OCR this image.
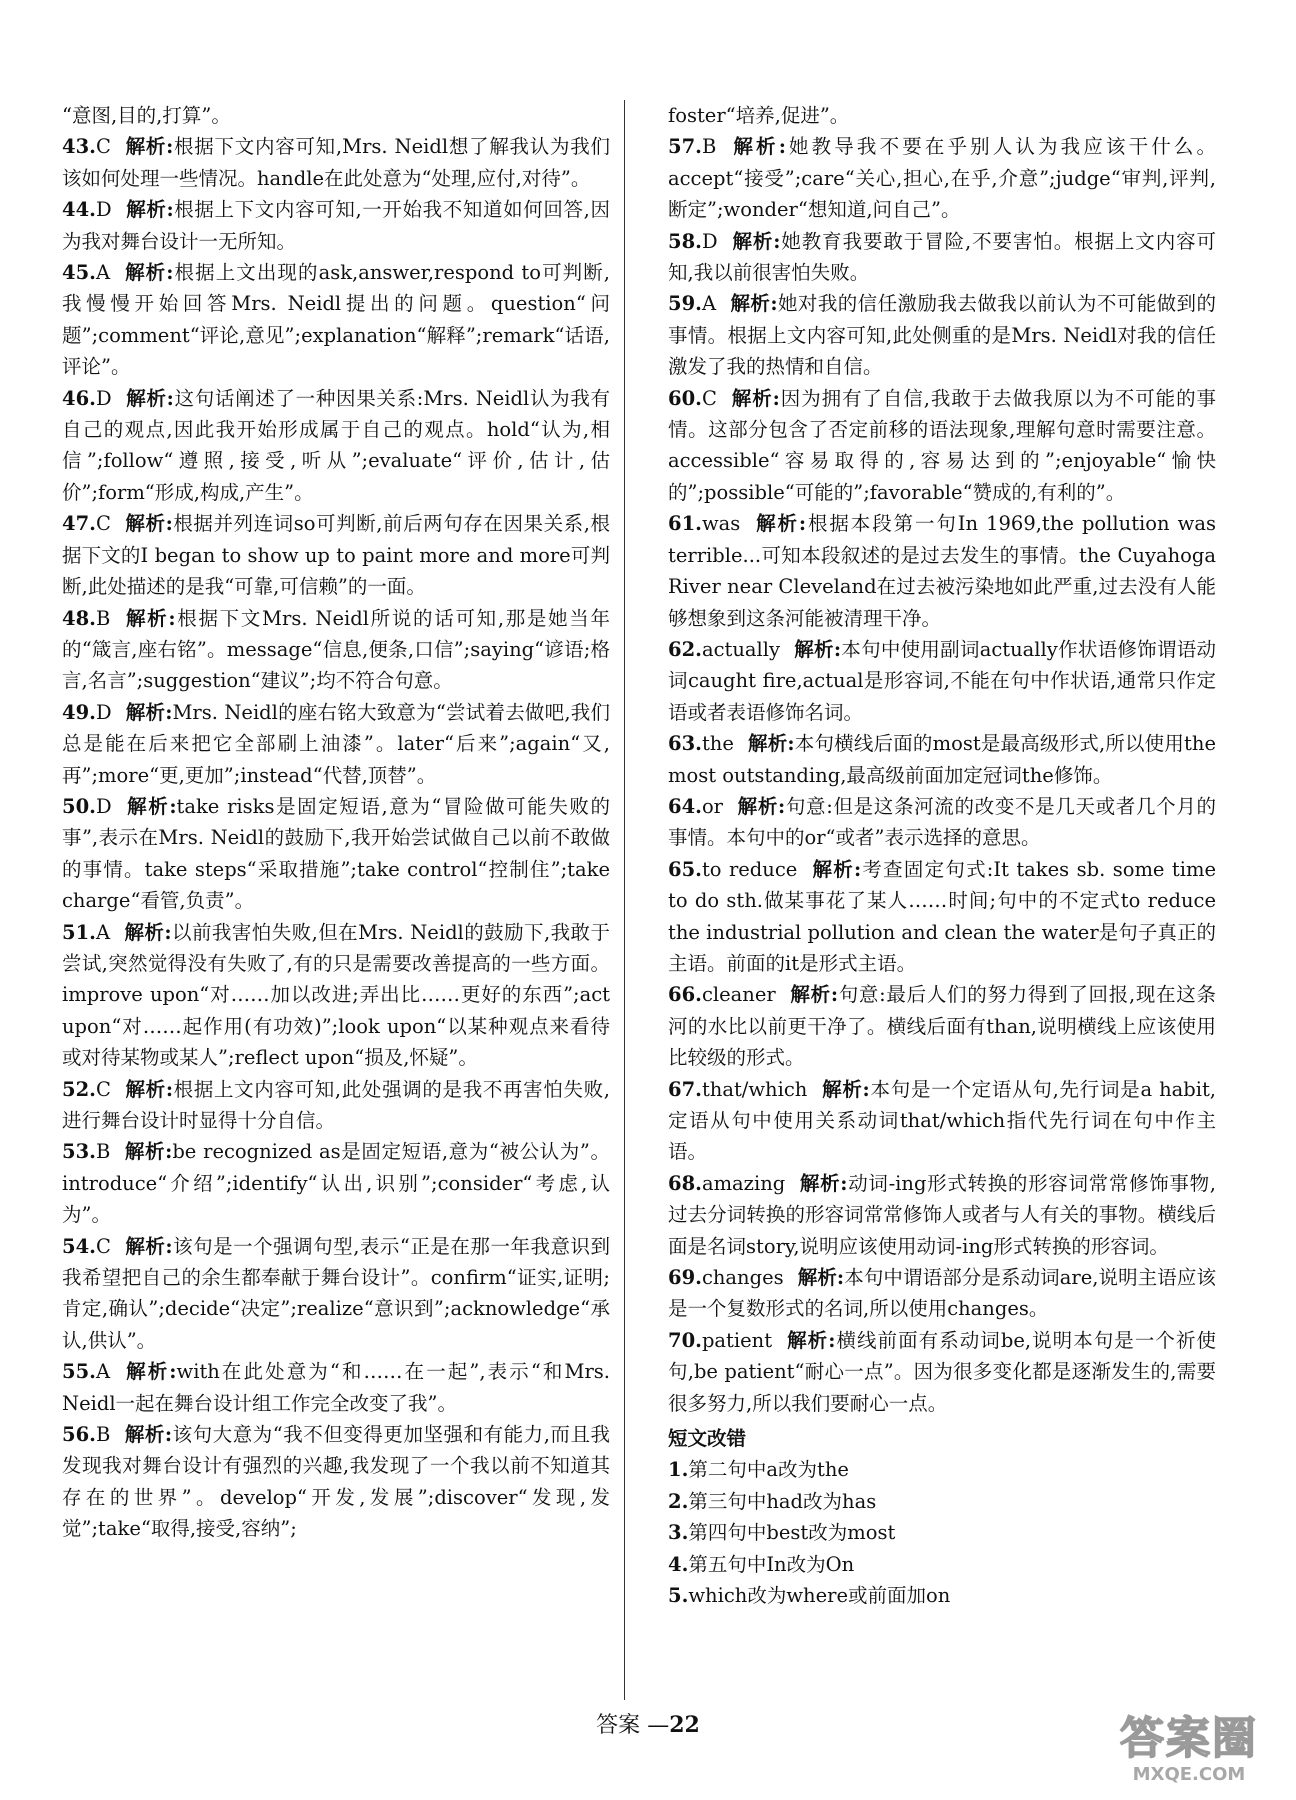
“意图,目的,打算”。

43.C 解析:根据下文内容可知,Mrs. Neidl想了解我认为我们该如何处理一些情况。handle在此处意为“处理,应付,对待”。

44.D 解析:根据上下文内容可知,一开始我不知道如何回答,因为我对舞台设计一无所知。

45.A 解析:根据上文出现的ask,answer,respond to可判断,我慢慢开始回答Mrs. Neidl提出的问题。question“问题”;comment“评论,意见”;explanation“解释”;remark“话语,评论”。

46.D 解析:这句话阐述了一种因果关系:Mrs. Neidl认为我有自己的观点,因此我开始形成属于自己的观点。hold“认为,相信”;follow“遵照,接受,听从”;evaluate“评价,估计,估价”;form“形成,构成,产生”。

47.C 解析:根据并列连词so可判断,前后两句存在因果关系,根据下文的I began to show up to paint more and more可判断,此处描述的是我“可靠,可信赖”的一面。

48.B 解析:根据下文Mrs. Neidl所说的话可知,那是她当年的“箴言,座右铭”。message“信息,便条,口信”;saying“谚语;格言,名言”;suggestion“建议”;均不符合句意。

49.D 解析:Mrs. Neidl的座右铭大致意为“尝试着去做吧,我们总是能在后来把它全部刷上油漆”。later“后来”;again“又,再”;more“更,更加”;instead“代替,顶替”。

50.D 解析:take risks是固定短语,意为“冒险做可能失败的事”,表示在Mrs. Neidl的鼓励下,我开始尝试做自己以前不敢做的事情。take steps“采取措施”;take control“控制住”;take charge“看管,负责”。

51.A 解析:以前我害怕失败,但在Mrs. Neidl的鼓励下,我敢于尝试,突然觉得没有失败了,有的只是需要改善提高的一些方面。improve upon“对……加以改进;弄出比……更好的东西”;act upon“对……起作用(有功效)”;look upon“以某种观点来看待或对待某物或某人”;reflect upon“损及,怀疑”。

52.C 解析:根据上文内容可知,此处强调的是我不再害怕失败,进行舞台设计时显得十分自信。

53.B 解析:be recognized as是固定短语,意为“被公认为”。introduce“介绍”;identify“认出,识别”;consider“考虑,认为”。

54.C 解析:该句是一个强调句型,表示“正是在那一年我意识到我希望把自己的余生都奉献于舞台设计”。confirm“证实,证明;肯定,确认”;decide“决定”;realize“意识到”;acknowledge“承认,供认”。

55.A 解析:with在此处意为“和……在一起”,表示“和Mrs. Neidl一起在舞台设计组工作完全改变了我”。

56.B 解析:该句大意为“我不但变得更加坚强和有能力,而且我发现我对舞台设计有强烈的兴趣,我发现了一个我以前不知道其存在的世界”。develop“开发,发展”;discover“发现,发觉”;take“取得,接受,容纳”;

foster“培养,促进”。

57.B 解析:她教导我不要在乎别人认为我应该干什么。accept“接受”;care“关心,担心,在乎,介意”;judge“审判,评判,断定”;wonder“想知道,问自己”。

58.D 解析:她教育我要敢于冒险,不要害怕。根据上文内容可知,我以前很害怕失败。

59.A 解析:她对我的信任激励我去做我以前认为不可能做到的事情。根据上文内容可知,此处侧重的是Mrs. Neidl对我的信任激发了我的热情和自信。

60.C 解析:因为拥有了自信,我敢于去做我原以为不可能的事情。这部分包含了否定前移的语法现象,理解句意时需要注意。accessible“容易取得的,容易达到的”;enjoyable“愉快的”;possible“可能的”;favorable“赞成的,有利的”。

61.was 解析:根据本段第一句In 1969,the pollution was terrible...可知本段叙述的是过去发生的事情。the Cuyahoga River near Cleveland在过去被污染地如此严重,过去没有人能够想象到这条河能被清理干净。

62.actually 解析:本句中使用副词actually作状语修饰谓语动词caught fire,actual是形容词,不能在句中作状语,通常只作定语或者表语修饰名词。

63.the 解析:本句横线后面的most是最高级形式,所以使用the most outstanding,最高级前面加定冠词the修饰。

64.or 解析:句意:但是这条河流的改变不是几天或者几个月的事情。本句中的or“或者”表示选择的意思。

65.to reduce 解析:考查固定句式:It takes sb. some time to do sth.做某事花了某人……时间;句中的不定式to reduce the industrial pollution and clean the water是句子真正的主语。前面的it是形式主语。

66.cleaner 解析:句意:最后人们的努力得到了回报,现在这条河的水比以前更干净了。横线后面有than,说明横线上应该使用比较级的形式。

67.that/which 解析:本句是一个定语从句,先行词是a habit,定语从句中使用关系动词that/which指代先行词在句中作主语。

68.amazing 解析:动词-ing形式转换的形容词常常修饰事物,过去分词转换的形容词常常修饰人或者与人有关的事物。横线后面是名词story,说明应该使用动词-ing形式转换的形容词。

69.changes 解析:本句中谓语部分是系动词are,说明主语应该是一个复数形式的名词,所以使用changes。

70.patient 解析:横线前面有系动词be,说明本句是一个祈使句,be patient“耐心一点”。因为很多变化都是逐渐发生的,需要很多努力,所以我们要耐心一点。

短文改错
1.第二句中a改为the
2.第三句中had改为has
3.第四句中best改为most
4.第五句中In改为On
5.which改为where或前面加on
答案 —22	答案圈
MXQE.COM
